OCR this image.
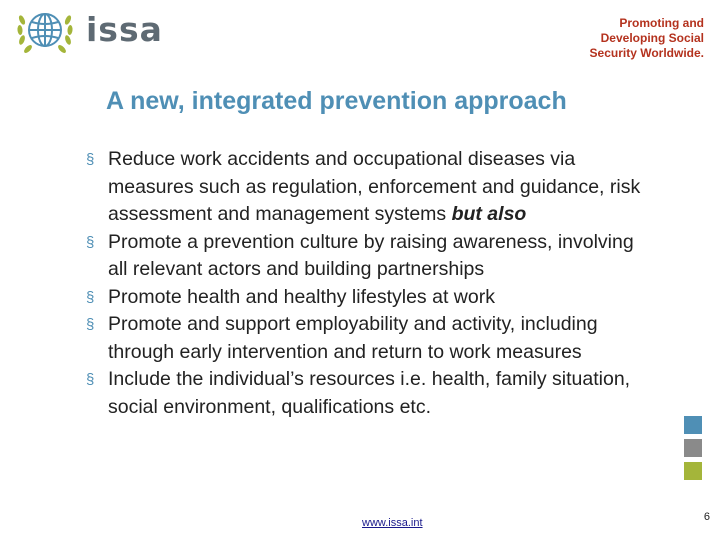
issa	Promoting and
Developing Social
Security Worldwide.
A new, integrated prevention approach
§ Reduce work accidents and occupational diseases via measures such as regulation, enforcement and guidance, risk assessment and management systems but also
§ Promote a prevention culture by raising awareness, involving all relevant actors and building partnerships
§ Promote health and healthy lifestyles at work
§ Promote and support employability and activity, including through early intervention and return to work measures
§ Include the individual’s resources i.e. health, family situation, social environment, qualifications etc.
www.issa.int	6
